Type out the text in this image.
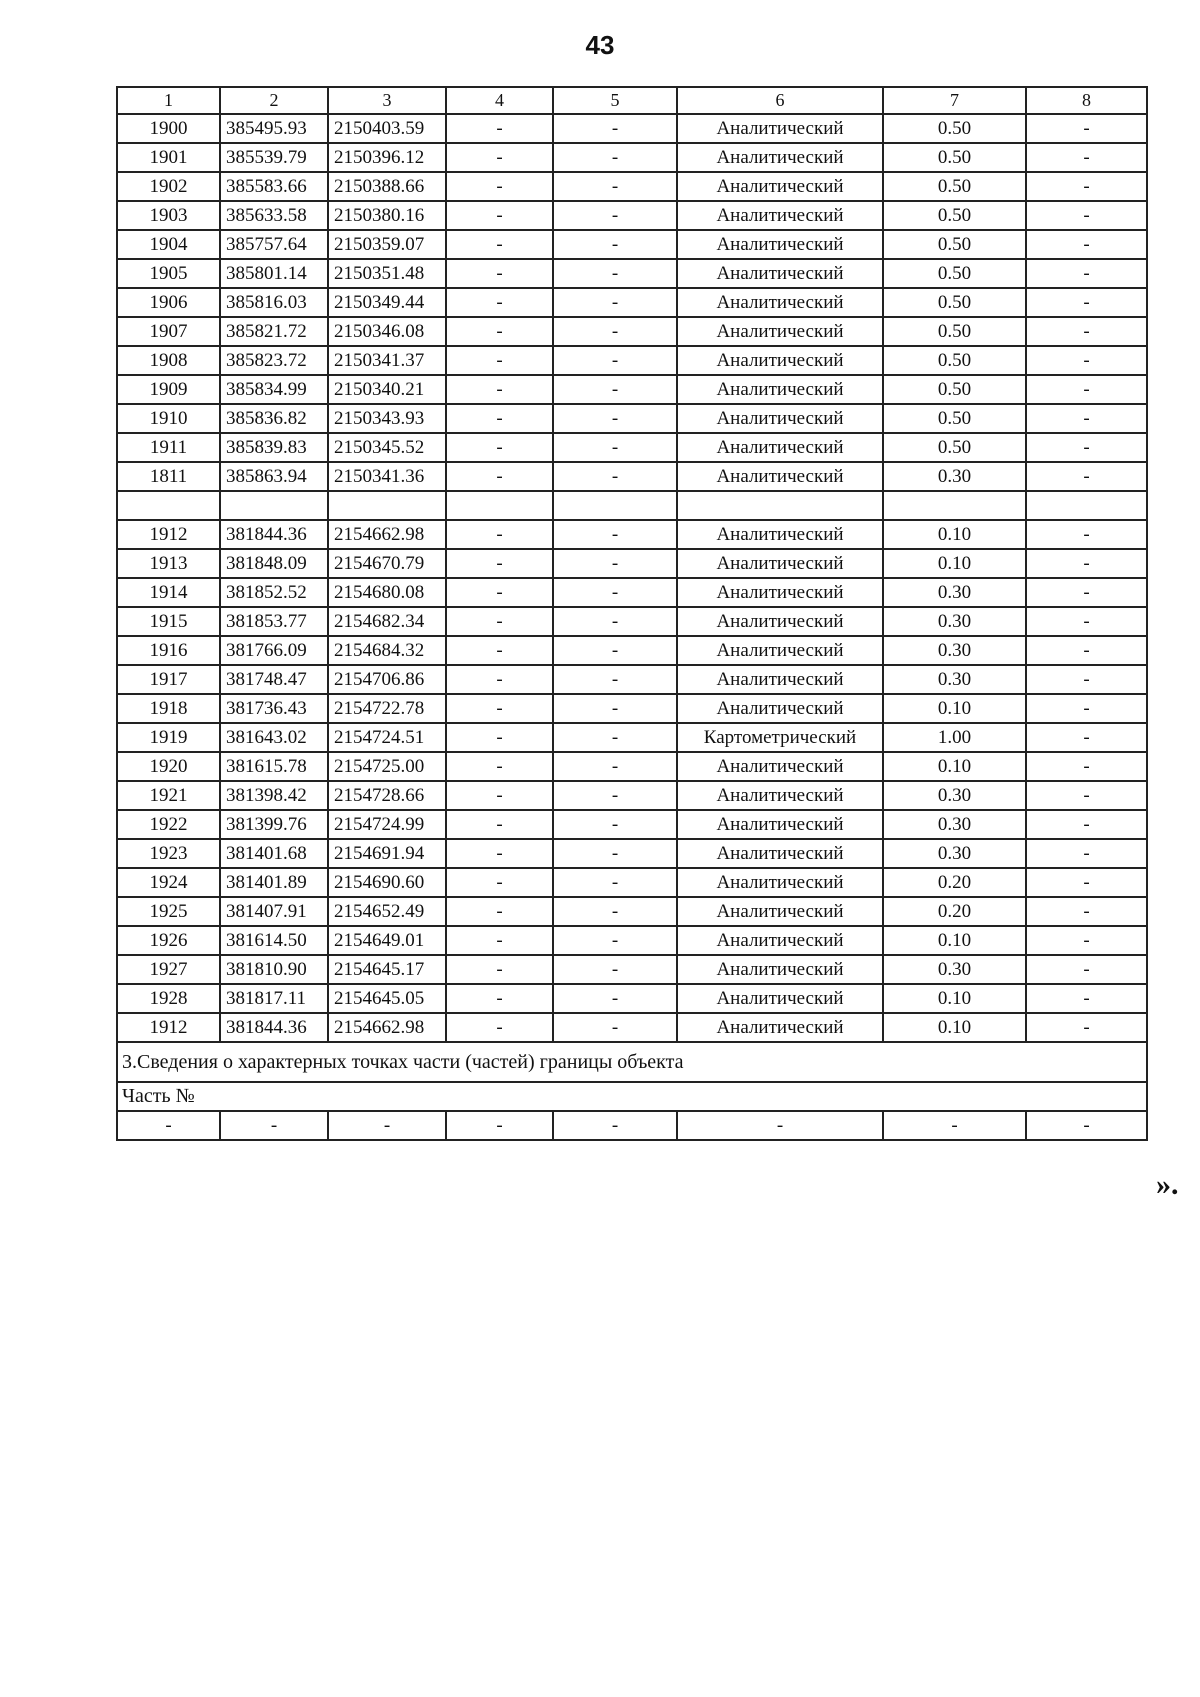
43
1	2	3	4	5	6	7	8
1900	385495.93	2150403.59	-	-	Аналитический	0.50	-
1901	385539.79	2150396.12	-	-	Аналитический	0.50	-
1902	385583.66	2150388.66	-	-	Аналитический	0.50	-
1903	385633.58	2150380.16	-	-	Аналитический	0.50	-
1904	385757.64	2150359.07	-	-	Аналитический	0.50	-
1905	385801.14	2150351.48	-	-	Аналитический	0.50	-
1906	385816.03	2150349.44	-	-	Аналитический	0.50	-
1907	385821.72	2150346.08	-	-	Аналитический	0.50	-
1908	385823.72	2150341.37	-	-	Аналитический	0.50	-
1909	385834.99	2150340.21	-	-	Аналитический	0.50	-
1910	385836.82	2150343.93	-	-	Аналитический	0.50	-
1911	385839.83	2150345.52	-	-	Аналитический	0.50	-
1811	385863.94	2150341.36	-	-	Аналитический	0.30	-

1912	381844.36	2154662.98	-	-	Аналитический	0.10	-
1913	381848.09	2154670.79	-	-	Аналитический	0.10	-
1914	381852.52	2154680.08	-	-	Аналитический	0.30	-
1915	381853.77	2154682.34	-	-	Аналитический	0.30	-
1916	381766.09	2154684.32	-	-	Аналитический	0.30	-
1917	381748.47	2154706.86	-	-	Аналитический	0.30	-
1918	381736.43	2154722.78	-	-	Аналитический	0.10	-
1919	381643.02	2154724.51	-	-	Картометрический	1.00	-
1920	381615.78	2154725.00	-	-	Аналитический	0.10	-
1921	381398.42	2154728.66	-	-	Аналитический	0.30	-
1922	381399.76	2154724.99	-	-	Аналитический	0.30	-
1923	381401.68	2154691.94	-	-	Аналитический	0.30	-
1924	381401.89	2154690.60	-	-	Аналитический	0.20	-
1925	381407.91	2154652.49	-	-	Аналитический	0.20	-
1926	381614.50	2154649.01	-	-	Аналитический	0.10	-
1927	381810.90	2154645.17	-	-	Аналитический	0.30	-
1928	381817.11	2154645.05	-	-	Аналитический	0.10	-
1912	381844.36	2154662.98	-	-	Аналитический	0.10	-
3.Сведения о характерных точках части (частей) границы объекта							
Часть №							
-	-	-	-	-	-	-	-
».
